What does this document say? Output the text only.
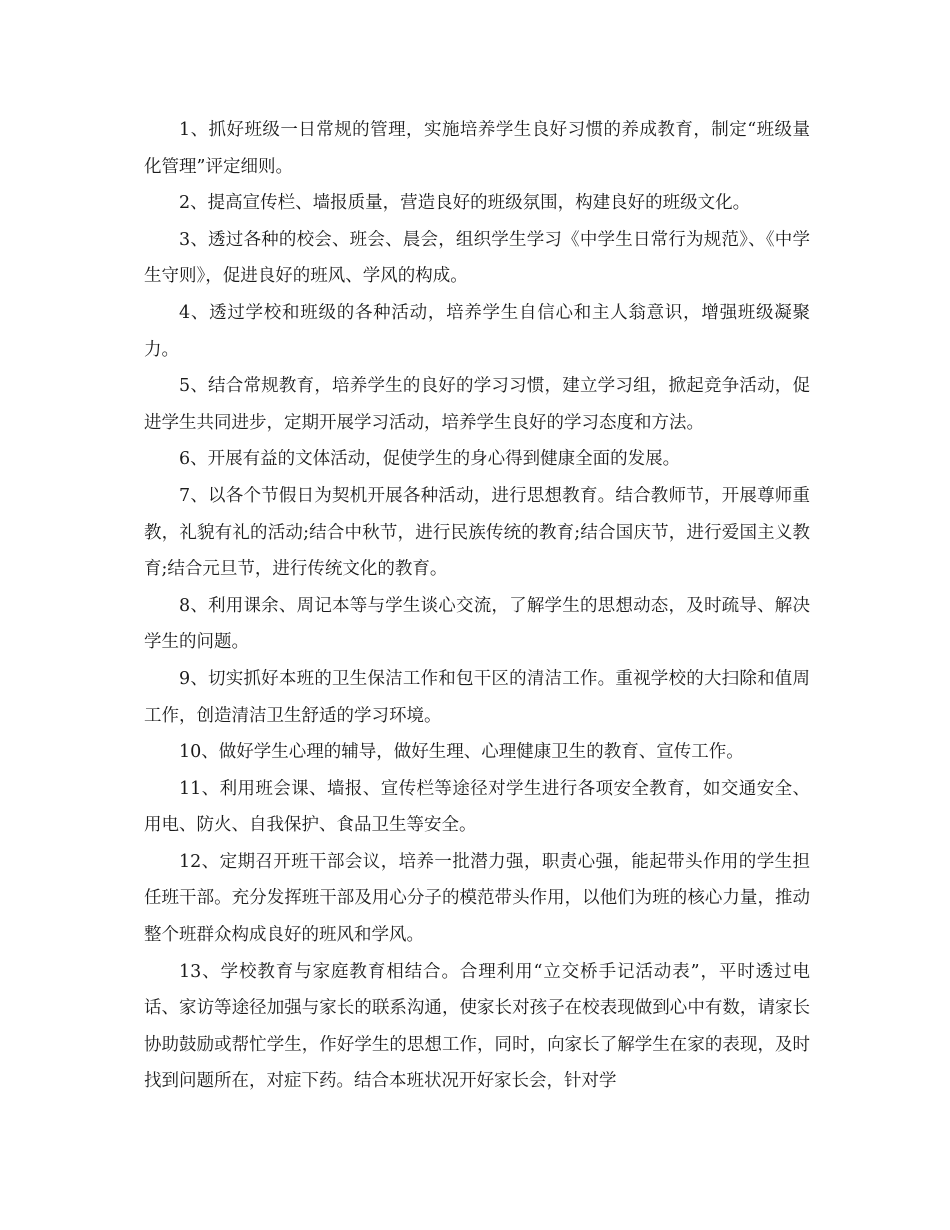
1、抓好班级一日常规的管理，实施培养学生良好习惯的养成教育，制定“班级量化管理”评定细则。

2、提高宣传栏、墙报质量，营造良好的班级氛围，构建良好的班级文化。

3、透过各种的校会、班会、晨会，组织学生学习《中学生日常行为规范》、《中学生守则》，促进良好的班风、学风的构成。

4、透过学校和班级的各种活动，培养学生自信心和主人翁意识，增强班级凝聚力。

5、结合常规教育，培养学生的良好的学习习惯，建立学习组，掀起竞争活动，促进学生共同进步，定期开展学习活动，培养学生良好的学习态度和方法。

6、开展有益的文体活动，促使学生的身心得到健康全面的发展。

7、以各个节假日为契机开展各种活动，进行思想教育。结合教师节，开展尊师重教，礼貌有礼的活动;结合中秋节，进行民族传统的教育;结合国庆节，进行爱国主义教育;结合元旦节，进行传统文化的教育。

8、利用课余、周记本等与学生谈心交流，了解学生的思想动态，及时疏导、解决学生的问题。

9、切实抓好本班的卫生保洁工作和包干区的清洁工作。重视学校的大扫除和值周工作，创造清洁卫生舒适的学习环境。

10、做好学生心理的辅导，做好生理、心理健康卫生的教育、宣传工作。

11、利用班会课、墙报、宣传栏等途径对学生进行各项安全教育，如交通安全、用电、防火、自我保护、食品卫生等安全。

12、定期召开班干部会议，培养一批潜力强，职责心强，能起带头作用的学生担任班干部。充分发挥班干部及用心分子的模范带头作用，以他们为班的核心力量，推动整个班群众构成良好的班风和学风。

13、学校教育与家庭教育相结合。合理利用“立交桥手记活动表”，平时透过电话、家访等途径加强与家长的联系沟通，使家长对孩子在校表现做到心中有数，请家长协助鼓励或帮忙学生，作好学生的思想工作，同时，向家长了解学生在家的表现，及时找到问题所在，对症下药。结合本班状况开好家长会，针对学
